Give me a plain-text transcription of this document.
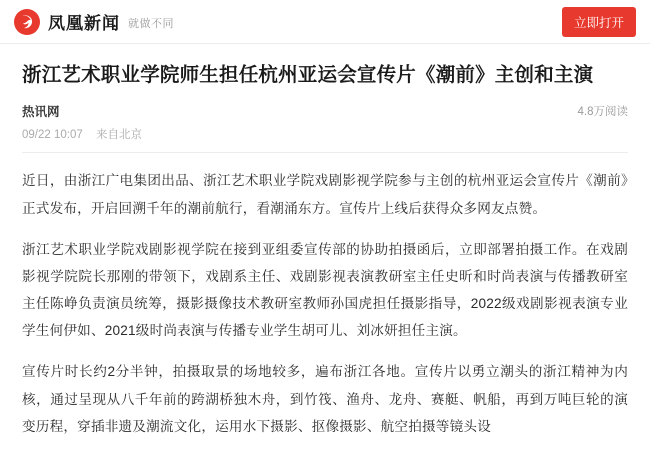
凤凰新闻 就做不同	立即打开
浙江艺术职业学院师生担任杭州亚运会宣传片《潮前》主创和主演
热讯网	4.8万阅读
09/22 10:07 来自北京

近日，由浙江广电集团出品、浙江艺术职业学院戏剧影视学院参与主创的杭州亚运会宣传片《潮前》正式发布，开启回溯千年的潮前航行，看潮涌东方。宣传片上线后获得众多网友点赞。

浙江艺术职业学院戏剧影视学院在接到亚组委宣传部的协助拍摄函后，立即部署拍摄工作。在戏剧影视学院院长那刚的带领下，戏剧系主任、戏剧影视表演教研室主任史昕和时尚表演与传播教研室主任陈峥负责演员统筹，摄影摄像技术教研室教师孙国虎担任摄影指导，2022级戏剧影视表演专业学生何伊如、2021级时尚表演与传播专业学生胡可儿、刘冰妍担任主演。

宣传片时长约2分半钟，拍摄取景的场地较多，遍布浙江各地。宣传片以勇立潮头的浙江精神为内核，通过呈现从八千年前的跨湖桥独木舟，到竹筏、渔舟、龙舟、赛艇、帆船，再到万吨巨轮的演变历程，穿插非遗及潮流文化，运用水下摄影、抠像摄影、航空拍摄等镜头设
